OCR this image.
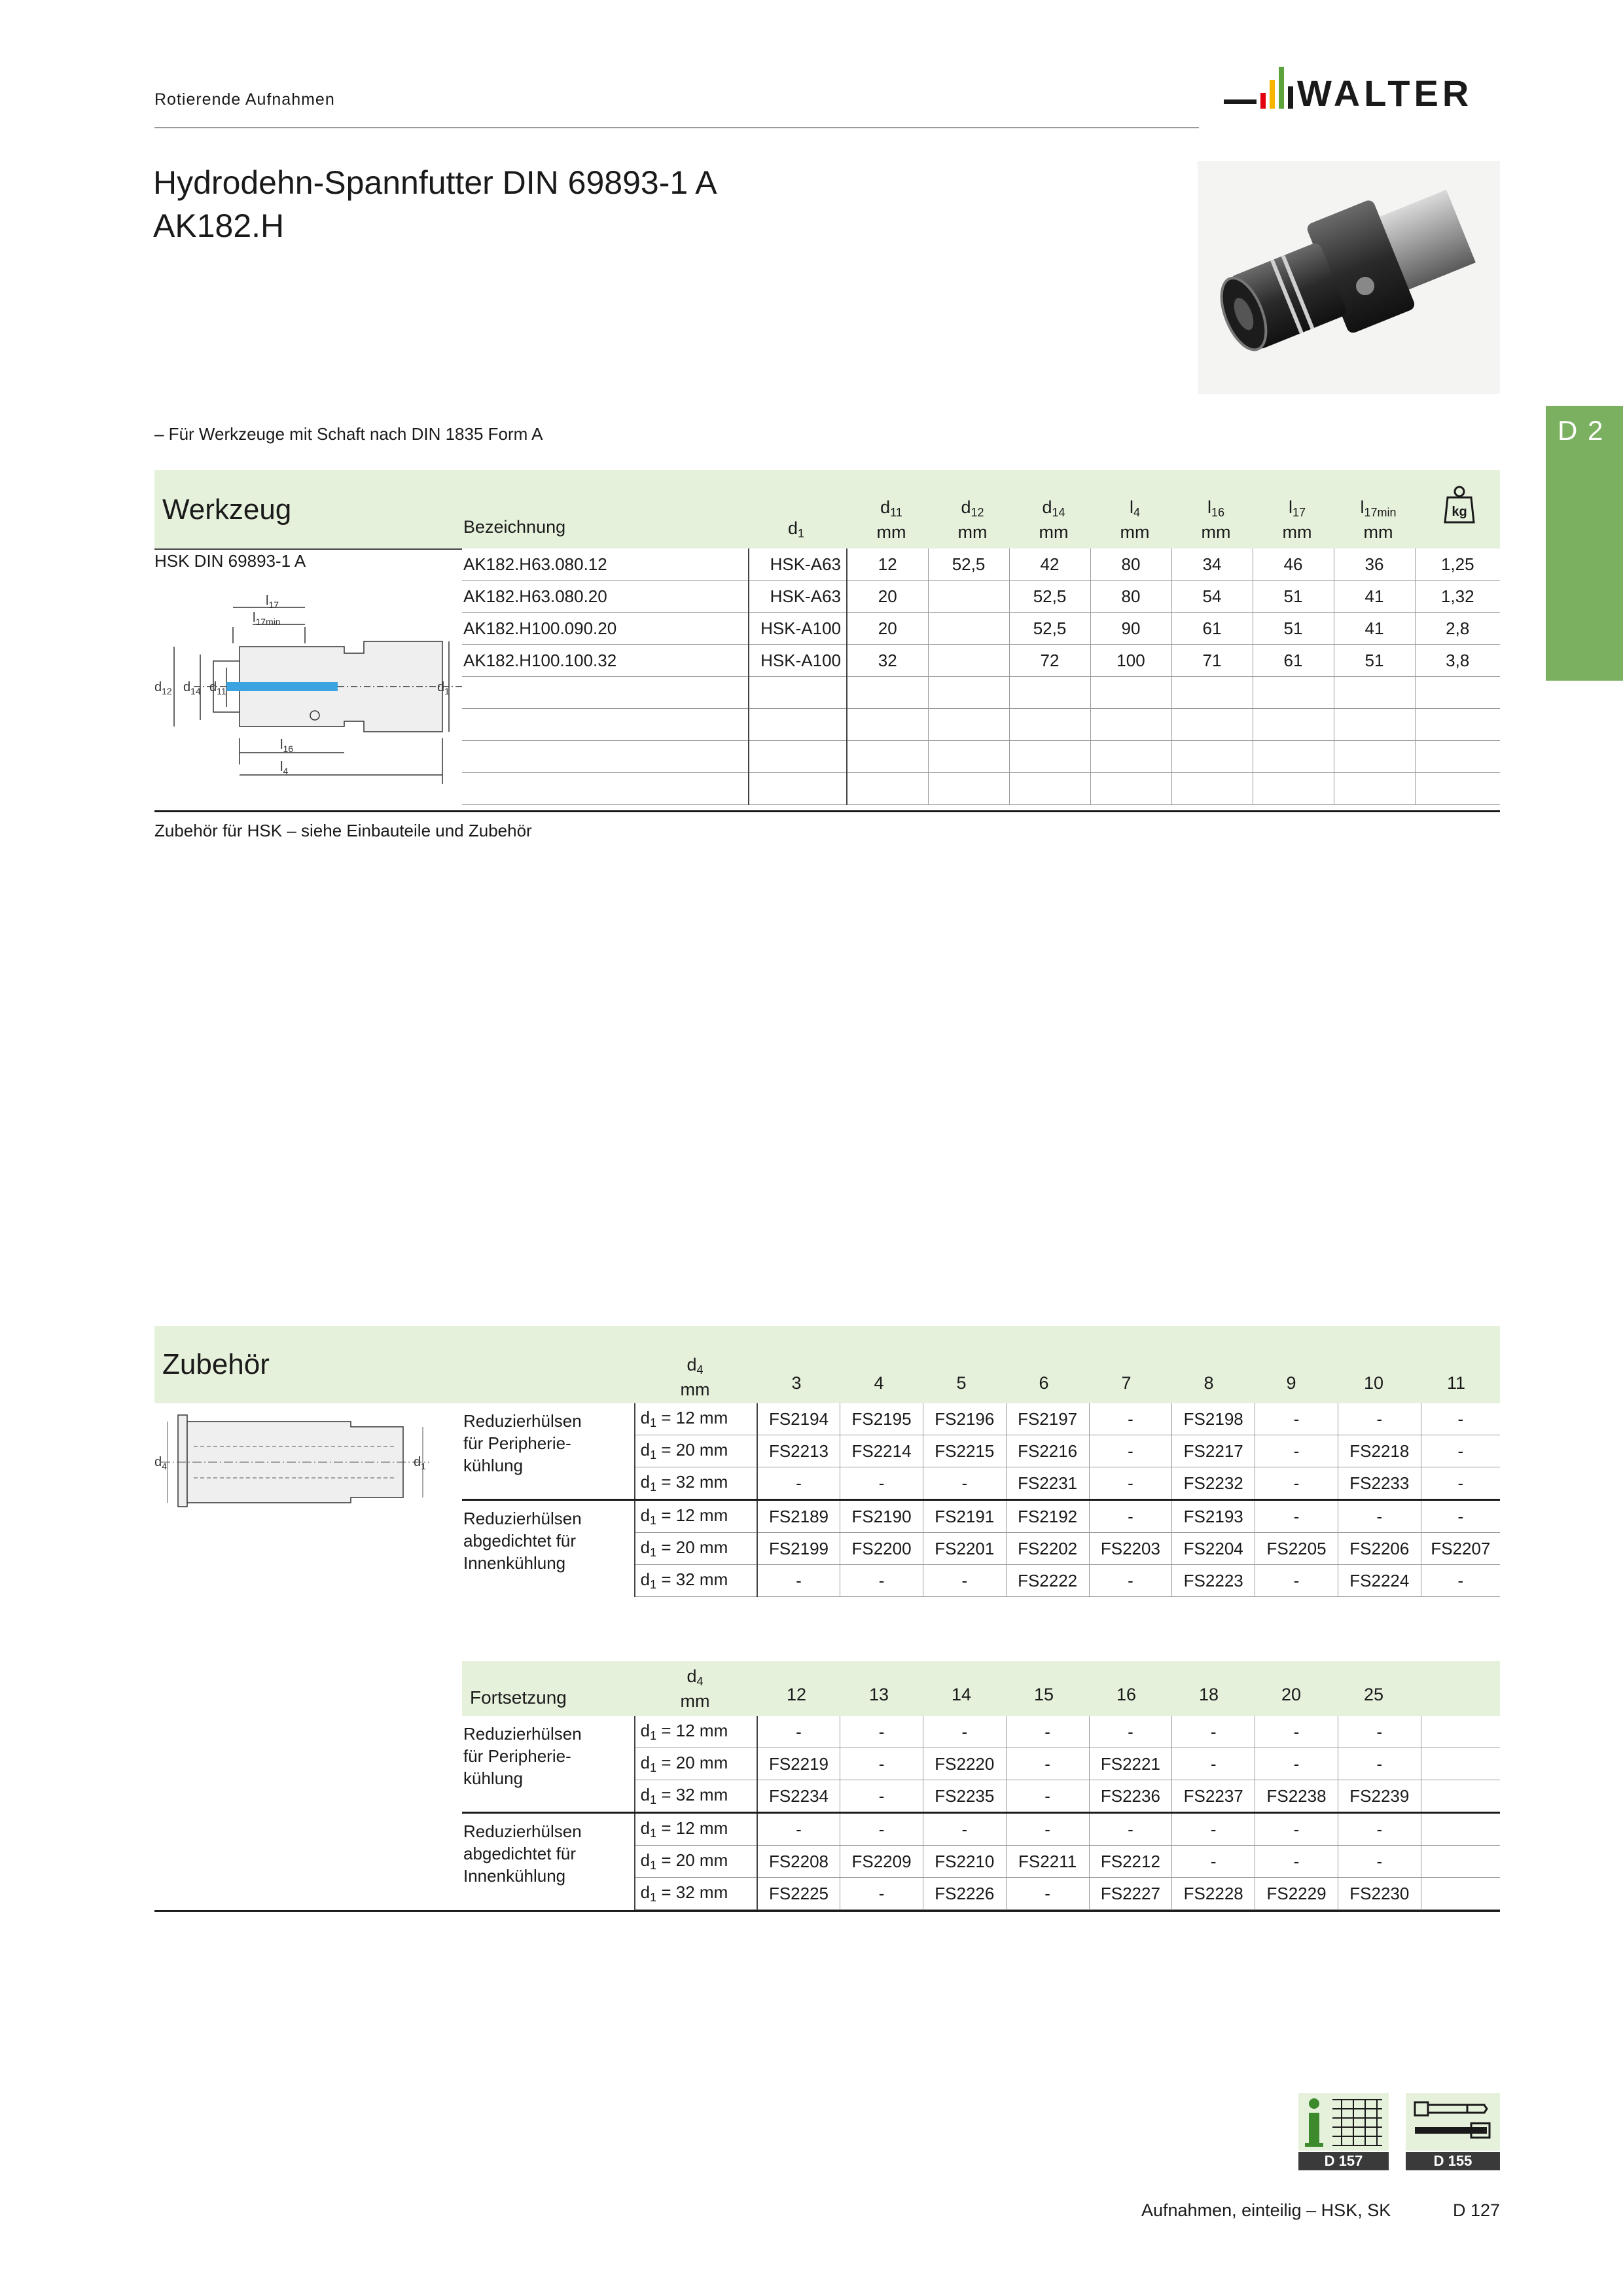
Rotierende Aufnahmen	WALTER
Hydrodehn-Spannfutter DIN 69893-1 A
AK182.H
D 2
– Für Werkzeuge mit Schaft nach DIN 1835 Form A
Werkzeug
HSK DIN 69893-1 A
$l_{17}$
$l_{17min}$
$d_{12}$ $d_{14}$ $d_{11}$	$d_1$
$l_{16}$
$l_4$
Bezeichnung	$d_1$
$d_{11}$
mm
$d_{12}$
mm
$d_{14}$
mm
$l_4$
mm
$l_{16}$
mm
$l_{17}$
mm
$l_{17min}$
mm
kg
AK182.H63.080.12	HSK-A63	12	52,5	42	80	34	46	36	1,25
AK182.H63.080.20	HSK-A63	20		52,5	80	54	51	41	1,32
AK182.H100.090.20	HSK-A100	20		52,5	90	61	51	41	2,8
AK182.H100.100.32	HSK-A100	32		72	100	71	61	51	3,8

Zubehör für HSK – siehe Einbauteile und Zubehör
Zubehör	$d_4$
mm	3	4	5	6	7	8	9	10	11
$d_4$	$d_1$
Reduzierhülsen
für Peripherie-
kühlung	$d_1 = 12$ mm	FS2194	FS2195	FS2196	FS2197	-	FS2198	-	-	-
	$d_1 = 20$ mm	FS2213	FS2214	FS2215	FS2216	-	FS2217	-	FS2218	-
	$d_1 = 32$ mm	-	-	-	FS2231	-	FS2232	-	FS2233	-

Reduzierhülsen
abgedichtet für
Innenkühlung	$d_1 = 12$ mm	FS2189	FS2190	FS2191	FS2192	-	FS2193	-	-	-
	$d_1 = 20$ mm	FS2199	FS2200	FS2201	FS2202	FS2203	FS2204	FS2205	FS2206	FS2207
	$d_1 = 32$ mm	-	-	-	FS2222	-	FS2223	-	FS2224	-
Fortsetzung
$d_4$
mm	12	13	14	15	16	18	20	25
Reduzierhülsen
für Peripherie-
kühlung	$d_1 = 12$ mm	-	-	-	-	-	-	-	-	
	$d_1 = 20$ mm	FS2219	-	FS2220	-	FS2221	-	-	-	
	$d_1 = 32$ mm	FS2234	-	FS2235	-	FS2236	FS2237	FS2238	FS2239	

Reduzierhülsen
abgedichtet für
Innenkühlung	$d_1 = 12$ mm	-	-	-	-	-	-	-	-	
	$d_1 = 20$ mm	FS2208	FS2209	FS2210	FS2211	FS2212	-	-	-	
	$d_1 = 32$ mm	FS2225	-	FS2226	-	FS2227	FS2228	FS2229	FS2230	
D 157	D 155
Aufnahmen, einteilig – HSK, SK	D 127
